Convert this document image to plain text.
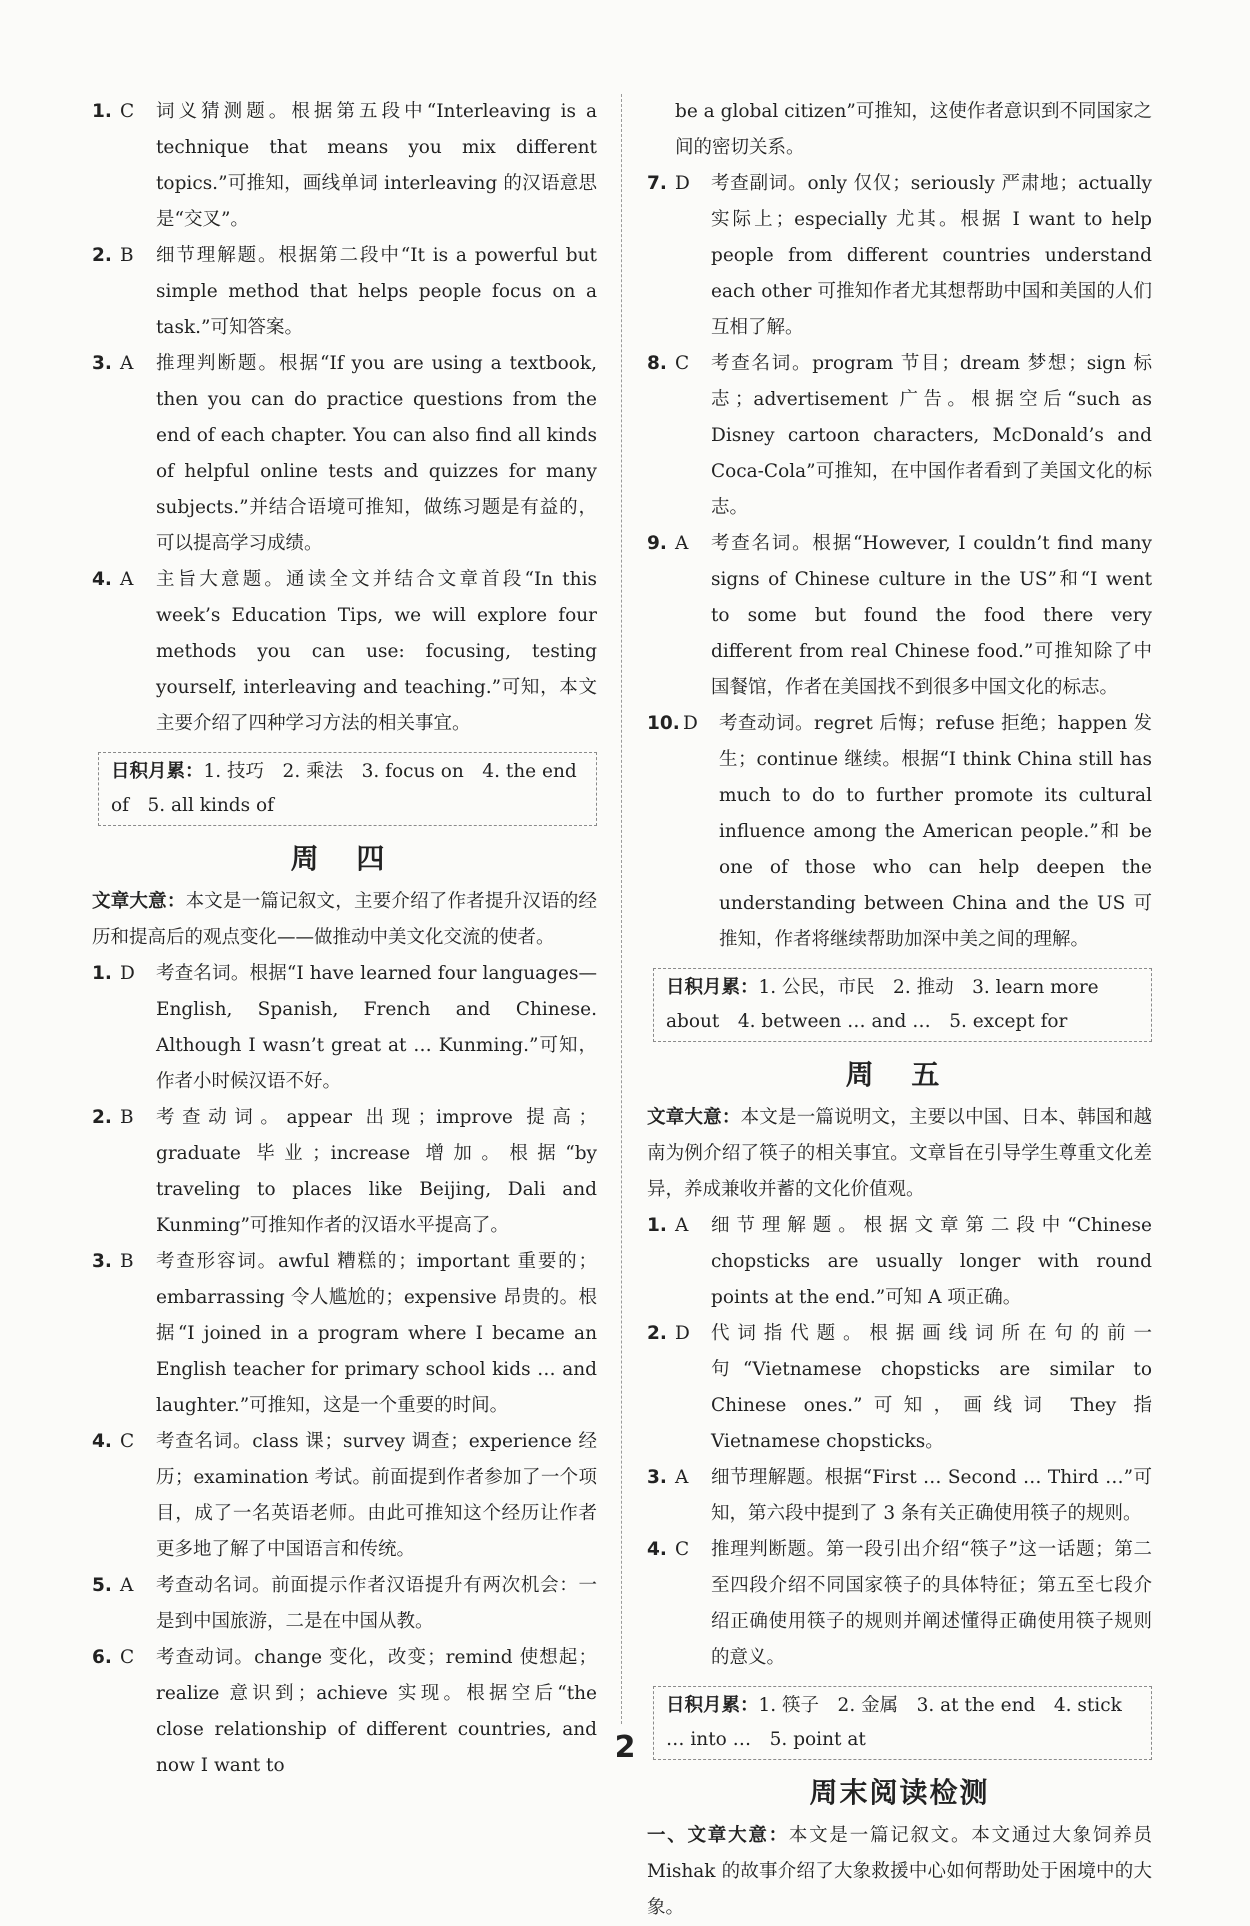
1. C	词义猜测题。根据第五段中“Interleaving is a technique that means you mix different topics.”可推知，画线单词 interleaving 的汉语意思是“交叉”。
2. B	细节理解题。根据第二段中“It is a powerful but simple method that helps people focus on a task.”可知答案。
3. A	推理判断题。根据“If you are using a textbook, then you can do practice questions from the end of each chapter. You can also find all kinds of helpful online tests and quizzes for many subjects.”并结合语境可推知，做练习题是有益的，可以提高学习成绩。
4. A	主旨大意题。通读全文并结合文章首段“In this week’s Education Tips, we will explore four methods you can use: focusing, testing yourself, interleaving and teaching.”可知，本文主要介绍了四种学习方法的相关事宜。
日积月累：1. 技巧　2. 乘法　3. focus on　4. the end of　5. all kinds of
周 四
文章大意：本文是一篇记叙文，主要介绍了作者提升汉语的经历和提高后的观点变化——做推动中美文化交流的使者。
1. D	考查名词。根据“I have learned four languages—English, Spanish, French and Chinese. Although I wasn’t great at … Kunming.”可知，作者小时候汉语不好。
2. B	考查动词。appear 出现；improve 提高；graduate 毕业；increase 增加。根据“by traveling to places like Beijing, Dali and Kunming”可推知作者的汉语水平提高了。
3. B	考查形容词。awful 糟糕的；important 重要的；embarrassing 令人尴尬的；expensive 昂贵的。根据“I joined in a program where I became an English teacher for primary school kids … and laughter.”可推知，这是一个重要的时间。
4. C	考查名词。class 课；survey 调查；experience 经历；examination 考试。前面提到作者参加了一个项目，成了一名英语老师。由此可推知这个经历让作者更多地了解了中国语言和传统。
5. A	考查动名词。前面提示作者汉语提升有两次机会：一是到中国旅游，二是在中国从教。
6. C	考查动词。change 变化，改变；remind 使想起；realize 意识到；achieve 实现。根据空后“the close relationship of different countries, and now I want to
be a global citizen”可推知，这使作者意识到不同国家之间的密切关系。
7. D	考查副词。only 仅仅；seriously 严肃地；actually 实际上；especially 尤其。根据 I want to help people from different countries understand each other 可推知作者尤其想帮助中国和美国的人们互相了解。
8. C	考查名词。program 节目；dream 梦想；sign 标志；advertisement 广告。根据空后“such as Disney cartoon characters, McDonald’s and Coca-Cola”可推知，在中国作者看到了美国文化的标志。
9. A	考查名词。根据“However, I couldn’t find many signs of Chinese culture in the US”和“I went to some but found the food there very different from real Chinese food.”可推知除了中国餐馆，作者在美国找不到很多中国文化的标志。
10. D	考查动词。regret 后悔；refuse 拒绝；happen 发生；continue 继续。根据“I think China still has much to do to further promote its cultural influence among the American people.”和 be one of those who can help deepen the understanding between China and the US 可推知，作者将继续帮助加深中美之间的理解。
日积月累：1. 公民，市民　2. 推动　3. learn more about　4. between … and …　5. except for
周 五
文章大意：本文是一篇说明文，主要以中国、日本、韩国和越南为例介绍了筷子的相关事宜。文章旨在引导学生尊重文化差异，养成兼收并蓄的文化价值观。
1. A	细节理解题。根据文章第二段中“Chinese chopsticks are usually longer with round points at the end.”可知 A 项正确。
2. D	代词指代题。根据画线词所在句的前一句“Vietnamese chopsticks are similar to Chinese ones.”可知，画线词 They 指 Vietnamese chopsticks。
3. A	细节理解题。根据“First … Second … Third …”可知，第六段中提到了 3 条有关正确使用筷子的规则。
4. C	推理判断题。第一段引出介绍“筷子”这一话题；第二至四段介绍不同国家筷子的具体特征；第五至七段介绍正确使用筷子的规则并阐述懂得正确使用筷子规则的意义。
日积月累：1. 筷子　2. 金属　3. at the end　4. stick … into …　5. point at
周末阅读检测
一、文章大意：本文是一篇记叙文。本文通过大象饲养员 Mishak 的故事介绍了大象救援中心如何帮助处于困境中的大象。
2
